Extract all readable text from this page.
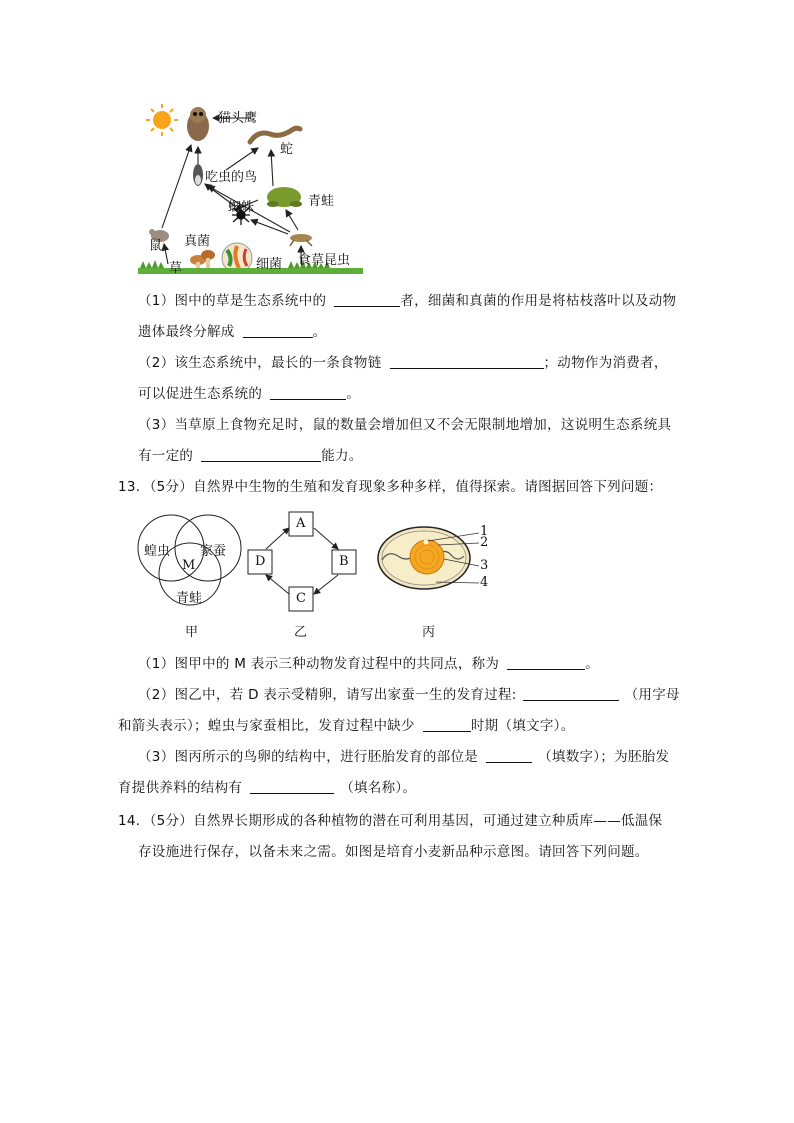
猫头鹰
蛇
吃虫的鸟
蜘蛛	青蛙
鼠 真菌
草	细菌 食草昆虫
（1）图中的草是生态系统中的	者，细菌和真菌的作用是将枯枝落叶以及动物
遗体最终分解成	。
（2）该生态系统中，最长的一条食物链	；动物作为消费者，
可以促进生态系统的	。
（3）当草原上食物充足时，鼠的数量会增加但又不会无限制地增加，这说明生态系统具
有一定的	能力。
13．（5分）自然界中生物的生殖和发育现象多种多样，值得探索。请图据回答下列问题：
蝗虫 家蚕
青蛙
M
甲
A
B
C
D
乙
1
2
3
4
丙
（1）图甲中的 M 表示三种动物发育过程中的共同点，称为	。
（2）图乙中，若 D 表示受精卵，请写出家蚕一生的发育过程:	（用字母
和箭头表示）；蝗虫与家蚕相比，发育过程中缺少	时期（填文字）。
（3）图丙所示的鸟卵的结构中，进行胚胎发育的部位是	（填数字）；为胚胎发
育提供养料的结构有	（填名称）。
14．（5分）自然界长期形成的各种植物的潜在可利用基因，可通过建立种质库——低温保
存设施进行保存，以备未来之需。如图是培育小麦新品种示意图。请回答下列问题。
